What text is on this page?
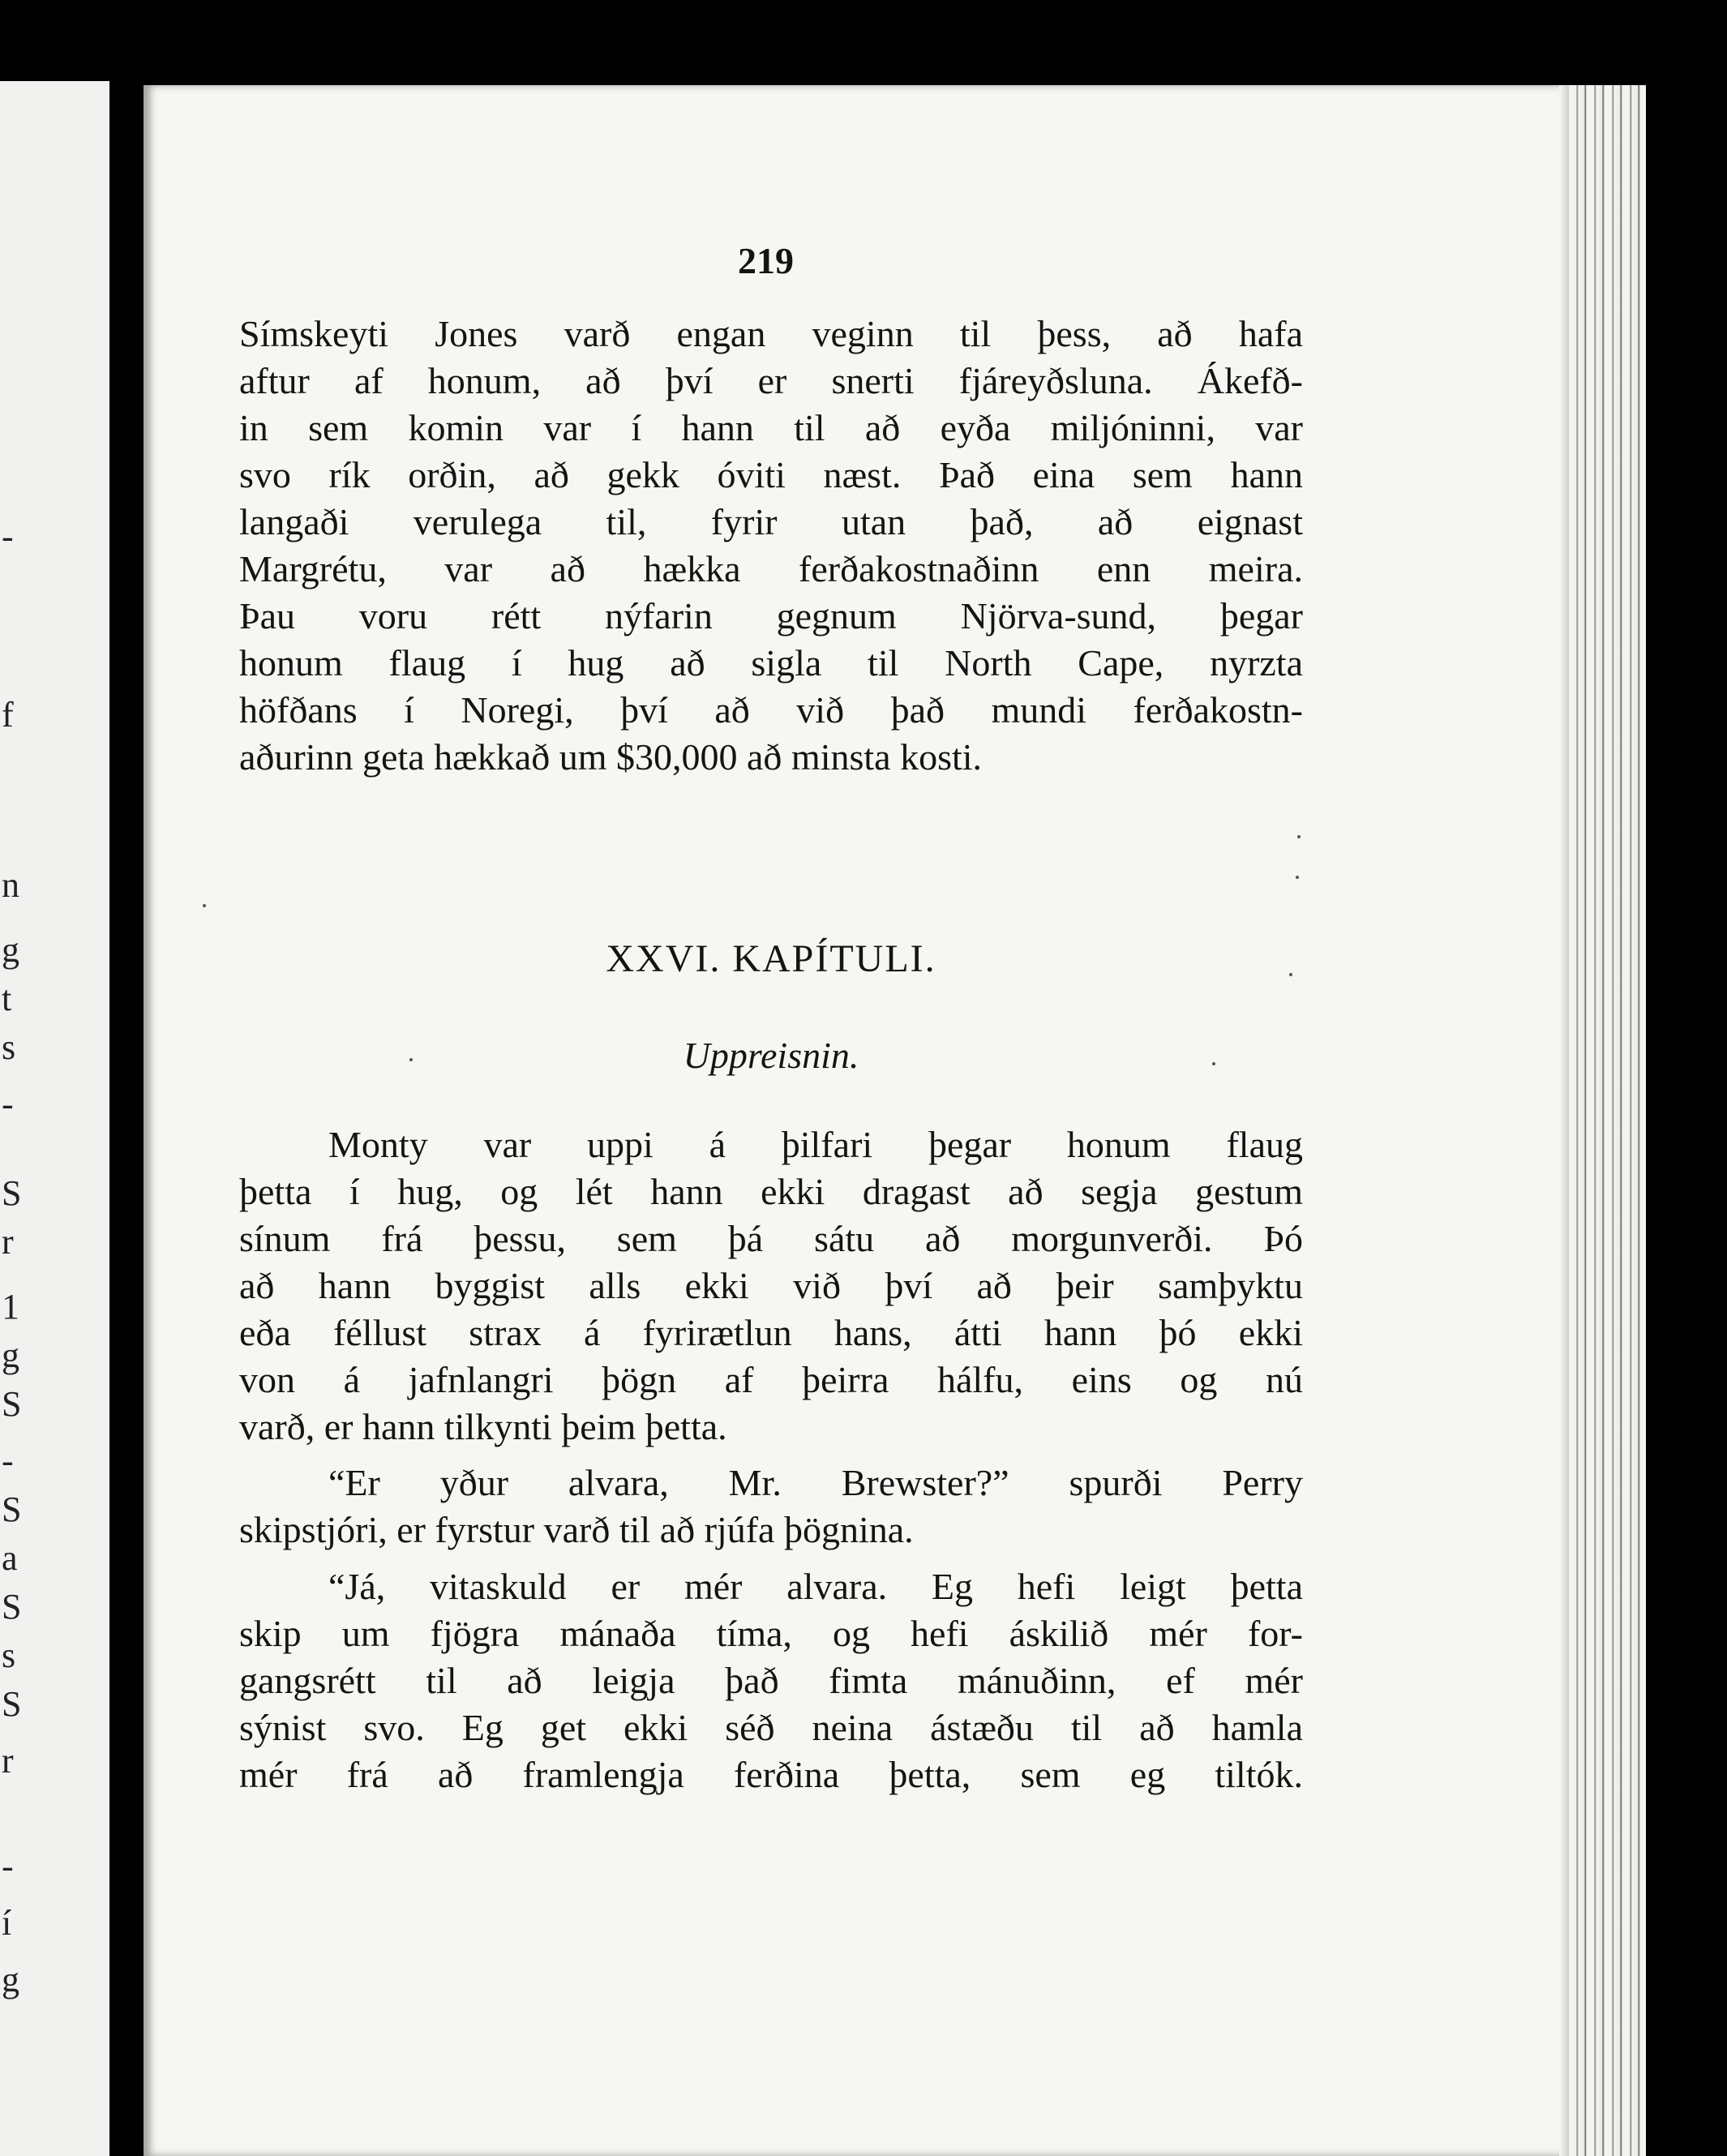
-
f
n
g
t
s
-
S
r
1
g
S
-
S
a
S
s
S
r
-
í
g
219
Símskeyti Jones varð engan veginn til þess, að hafa
aftur af honum, að því er snerti fjáreyðsluna. Ákefð-
in sem komin var í hann til að eyða miljóninni, var
svo rík orðin, að gekk óviti næst. Það eina sem hann
langaði verulega til, fyrir utan það, að eignast
Margrétu, var að hækka ferðakostnaðinn enn meira.
Þau voru rétt nýfarin gegnum Njörva-sund, þegar
honum flaug í hug að sigla til North Cape, nyrzta
höfðans í Noregi, því að við það mundi ferðakostn-
aðurinn geta hækkað um $30,000 að minsta kosti.
XXVI. KAPÍTULI.
Uppreisnin.
Monty var uppi á þilfari þegar honum flaug
þetta í hug, og lét hann ekki dragast að segja gestum
sínum frá þessu, sem þá sátu að morgunverði. Þó
að hann byggist alls ekki við því að þeir samþyktu
eða féllust strax á fyrirætlun hans, átti hann þó ekki
von á jafnlangri þögn af þeirra hálfu, eins og nú
varð, er hann tilkynti þeim þetta.
“Er yður alvara, Mr. Brewster?” spurði Perry
skipstjóri, er fyrstur varð til að rjúfa þögnina.
“Já, vitaskuld er mér alvara. Eg hefi leigt þetta
skip um fjögra mánaða tíma, og hefi áskilið mér for-
gangsrétt til að leigja það fimta mánuðinn, ef mér
sýnist svo. Eg get ekki séð neina ástæðu til að hamla
mér frá að framlengja ferðina þetta, sem eg tiltók.
